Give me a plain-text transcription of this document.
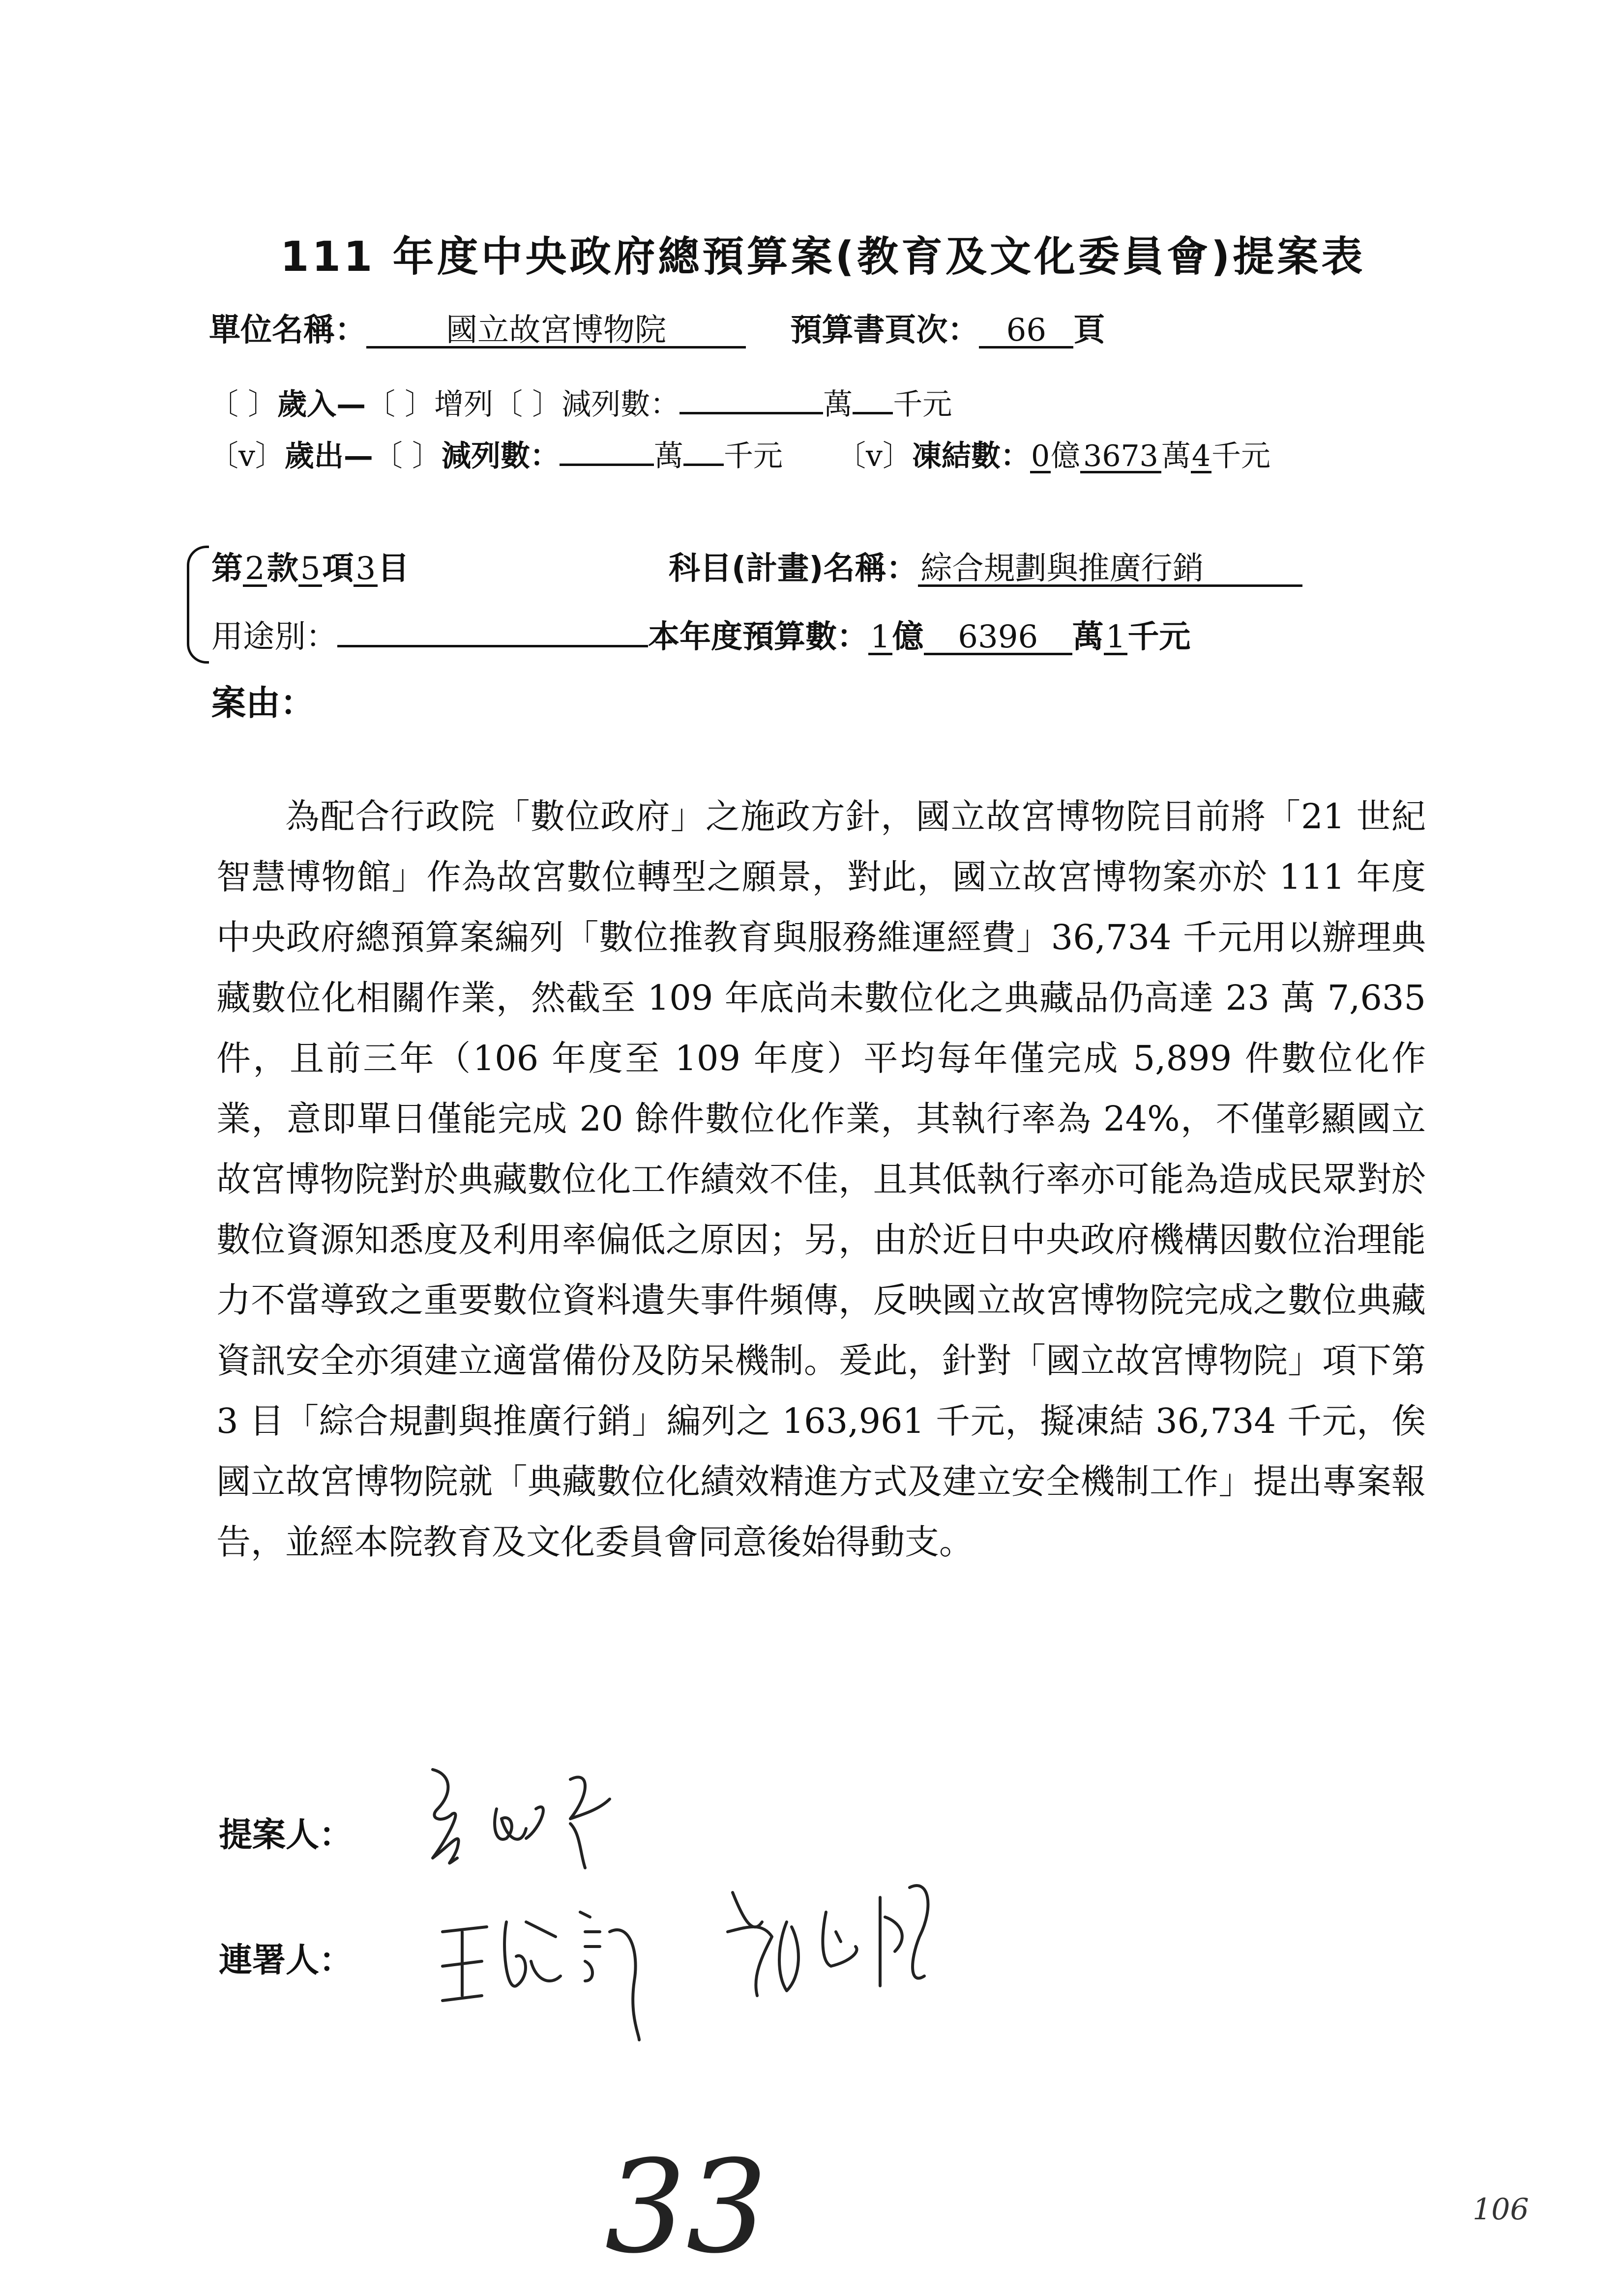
111 年度中央政府總預算案(教育及文化委員會)提案表
單位名稱：	國立故宮博物院	預算書頁次： 66 頁
〔 〕歲入—〔 〕增列〔 〕減列數：	萬 千元
〔v〕歲出—〔 〕減列數：	萬 千元 〔v〕凍結數：0億 3673 萬4千元
第2款5項3目	科目(計畫)名稱：綜合規劃與推廣行銷
用途別：	本年度預算數：1億 6396 萬1千元
案由：

為配合行政院「數位政府」之施政方針，國立故宮博物院目前將「21 世紀智慧博物館」作為故宮數位轉型之願景，對此，國立故宮博物案亦於 111 年度中央政府總預算案編列「數位推教育與服務維運經費」36,734 千元用以辦理典藏數位化相關作業，然截至 109 年底尚未數位化之典藏品仍高達 23 萬 7,635 件，且前三年（106 年度至 109 年度）平均每年僅完成 5,899 件數位化作業，意即單日僅能完成 20 餘件數位化作業，其執行率為 24%，不僅彰顯國立故宮博物院對於典藏數位化工作績效不佳，且其低執行率亦可能為造成民眾對於數位資源知悉度及利用率偏低之原因；另，由於近日中央政府機構因數位治理能力不當導致之重要數位資料遺失事件頻傳，反映國立故宮博物院完成之數位典藏資訊安全亦須建立適當備份及防呆機制。爰此，針對「國立故宮博物院」項下第 3 目「綜合規劃與推廣行銷」編列之 163,961 千元，擬凍結 36,734 千元，俟國立故宮博物院就「典藏數位化績效精進方式及建立安全機制工作」提出專案報告，並經本院教育及文化委員會同意後始得動支。

提案人：
連署人：
33	106
